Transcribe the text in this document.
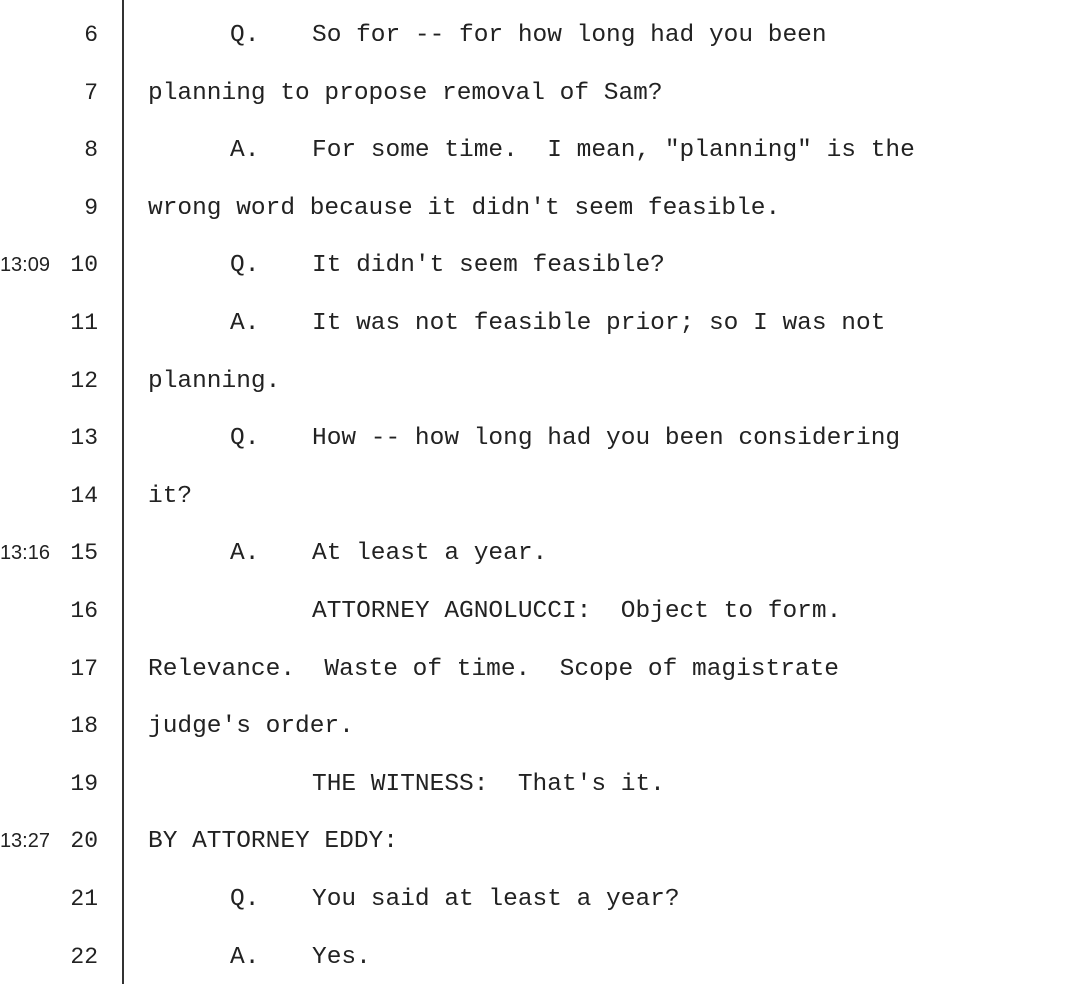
6	Q. So for -- for how long had you been
7 planning to propose removal of Sam?
8	A. For some time.  I mean, "planning" is the
9 wrong word because it didn't seem feasible.
13:09 10	Q. It didn't seem feasible?
11	A. It was not feasible prior; so I was not
12 planning.
13	Q. How -- how long had you been considering
14 it?
13:16 15	A. At least a year.
16	ATTORNEY AGNOLUCCI:  Object to form.
17 Relevance.  Waste of time.  Scope of magistrate
18 judge's order.
19	THE WITNESS:  That's it.
13:27 20 BY ATTORNEY EDDY:
21	Q. You said at least a year?
22	A. Yes.
